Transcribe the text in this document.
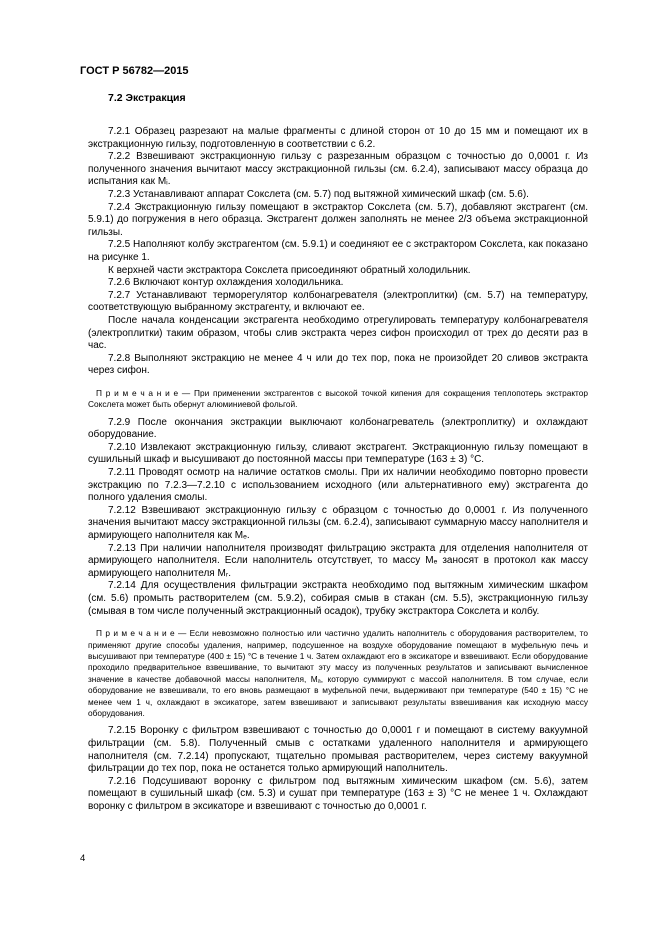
ГОСТ Р 56782—2015
7.2 Экстракция

7.2.1 Образец разрезают на малые фрагменты с длиной сторон от 10 до 15 мм и помещают их в экстракционную гильзу, подготовленную в соответствии с 6.2.

7.2.2 Взвешивают экстракционную гильзу с разрезанным образцом с точностью до 0,0001 г. Из полученного значения вычитают массу экстракционной гильзы (см. 6.2.4), записывают массу образца до испытания как Mᵢ.

7.2.3 Устанавливают аппарат Сокслета (см. 5.7) под вытяжной химический шкаф (см. 5.6).

7.2.4 Экстракционную гильзу помещают в экстрактор Сокслета (см. 5.7), добавляют экстрагент (см. 5.9.1) до погружения в него образца. Экстрагент должен заполнять не менее 2/3 объема экстракционной гильзы.

7.2.5 Наполняют колбу экстрагентом (см. 5.9.1) и соединяют ее с экстрактором Сокслета, как показано на рисунке 1.

К верхней части экстрактора Сокслета присоединяют обратный холодильник.

7.2.6 Включают контур охлаждения холодильника.

7.2.7 Устанавливают терморегулятор колбонагревателя (электроплитки) (см. 5.7) на температуру, соответствующую выбранному экстрагенту, и включают ее.

После начала конденсации экстрагента необходимо отрегулировать температуру колбонагревателя (электроплитки) таким образом, чтобы слив экстракта через сифон происходил от трех до десяти раз в час.

7.2.8 Выполняют экстракцию не менее 4 ч или до тех пор, пока не произойдет 20 сливов экстракта через сифон.

П р и м е ч а н и е — При применении экстрагентов с высокой точкой кипения для сокращения теплопотерь экстрактор Сокслета может быть обернут алюминиевой фольгой.

7.2.9 После окончания экстракции выключают колбонагреватель (электроплитку) и охлаждают оборудование.

7.2.10 Извлекают экстракционную гильзу, сливают экстрагент. Экстракционную гильзу помещают в сушильный шкаф и высушивают до постоянной массы при температуре (163 ± 3) °С.

7.2.11 Проводят осмотр на наличие остатков смолы. При их наличии необходимо повторно провести экстракцию по 7.2.3—7.2.10 с использованием исходного (или альтернативного ему) экстрагента до полного удаления смолы.

7.2.12 Взвешивают экстракционную гильзу с образцом с точностью до 0,0001 г. Из полученного значения вычитают массу экстракционной гильзы (см. 6.2.4), записывают суммарную массу наполнителя и армирующего наполнителя как Mₑ.

7.2.13 При наличии наполнителя производят фильтрацию экстракта для отделения наполнителя от армирующего наполнителя. Если наполнитель отсутствует, то массу Mₑ заносят в протокол как массу армирующего наполнителя Mᵣ.

7.2.14 Для осуществления фильтрации экстракта необходимо под вытяжным химическим шкафом (см. 5.6) промыть растворителем (см. 5.9.2), собирая смыв в стакан (см. 5.5), экстракционную гильзу (смывая в том числе полученный экстракционный осадок), трубку экстрактора Сокслета и колбу.

П р и м е ч а н и е — Если невозможно полностью или частично удалить наполнитель с оборудования растворителем, то применяют другие способы удаления, например, подсушенное на воздухе оборудование помещают в муфельную печь и высушивают при температуре (400 ± 15) °С в течение 1 ч. Затем охлаждают его в эксикаторе и взвешивают. Если оборудование проходило предварительное взвешивание, то вычитают эту массу из полученных результатов и записывают вычисленное значение в качестве добавочной массы наполнителя, Mₐ, которую суммируют с массой наполнителя. В том случае, если оборудование не взвешивали, то его вновь размещают в муфельной печи, выдерживают при температуре (540 ± 15) °С не менее чем 1 ч, охлаждают в эксикаторе, затем взвешивают и записывают результаты взвешивания как исходную массу оборудования.

7.2.15 Воронку с фильтром взвешивают с точностью до 0,0001 г и помещают в систему вакуумной фильтрации (см. 5.8). Полученный смыв с остатками удаленного наполнителя и армирующего наполнителя (см. 7.2.14) пропускают, тщательно промывая растворителем, через систему вакуумной фильтрации до тех пор, пока не останется только армирующий наполнитель.

7.2.16 Подсушивают воронку с фильтром под вытяжным химическим шкафом (см. 5.6), затем помещают в сушильный шкаф (см. 5.3) и сушат при температуре (163 ± 3) °С не менее 1 ч. Охлаждают воронку с фильтром в эксикаторе и взвешивают с точностью до 0,0001 г.

4
